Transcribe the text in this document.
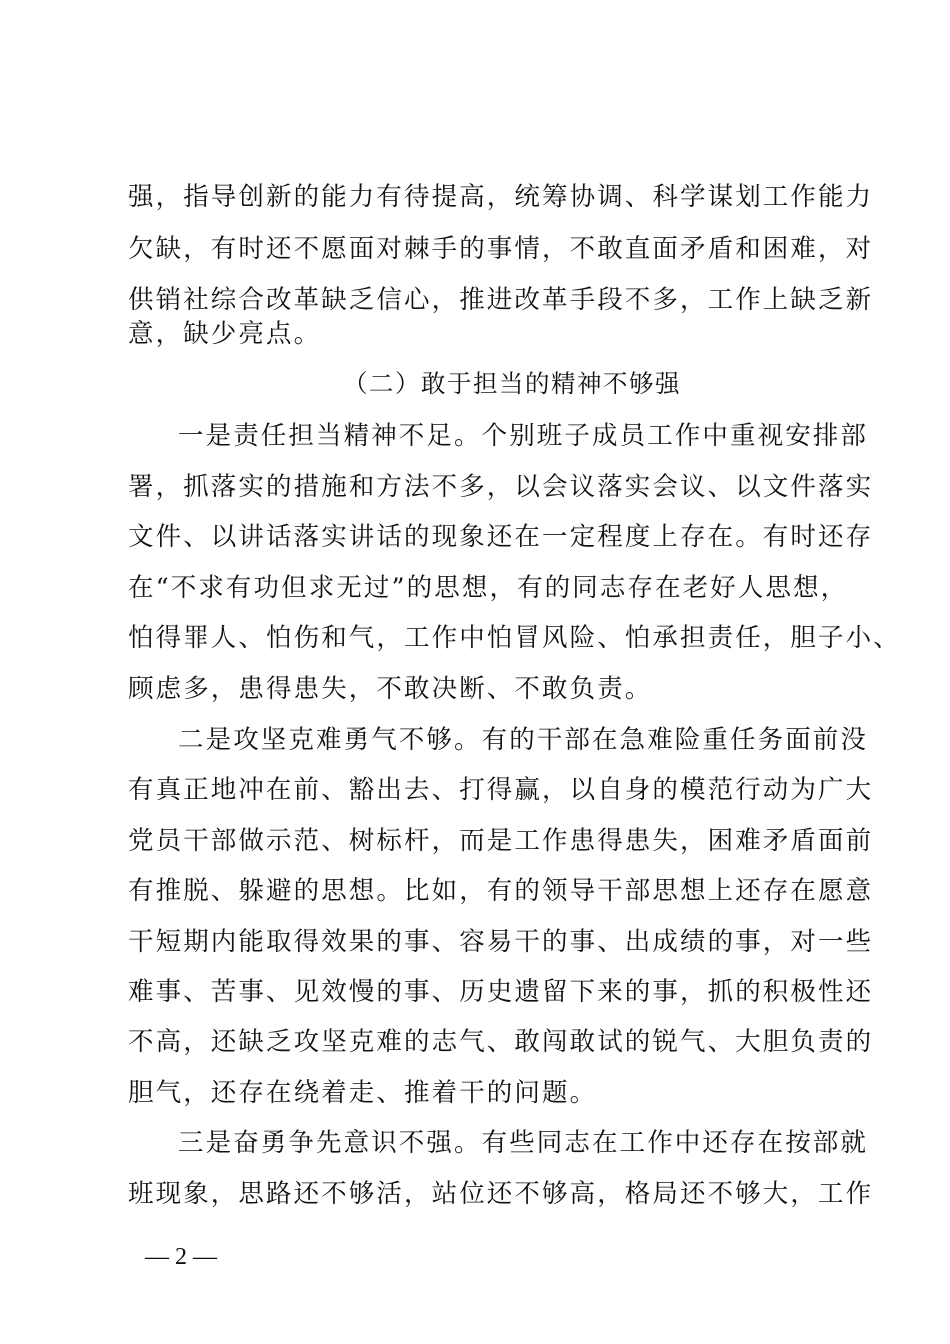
强，指导创新的能力有待提高，统筹协调、科学谋划工作能力
欠缺，有时还不愿面对棘手的事情，不敢直面矛盾和困难，对
供销社综合改革缺乏信心，推进改革手段不多，工作上缺乏新
意，缺少亮点。
（二）敢于担当的精神不够强
一是责任担当精神不足。个别班子成员工作中重视安排部
署，抓落实的措施和方法不多，以会议落实会议、以文件落实
文件、以讲话落实讲话的现象还在一定程度上存在。有时还存
在“不求有功但求无过”的思想，有的同志存在老好人思想，
怕得罪人、怕伤和气，工作中怕冒风险、怕承担责任，胆子小、
顾虑多，患得患失，不敢决断、不敢负责。
二是攻坚克难勇气不够。有的干部在急难险重任务面前没
有真正地冲在前、豁出去、打得赢，以自身的模范行动为广大
党员干部做示范、树标杆，而是工作患得患失，困难矛盾面前
有推脱、躲避的思想。比如，有的领导干部思想上还存在愿意
干短期内能取得效果的事、容易干的事、出成绩的事，对一些
难事、苦事、见效慢的事、历史遗留下来的事，抓的积极性还
不高，还缺乏攻坚克难的志气、敢闯敢试的锐气、大胆负责的
胆气，还存在绕着走、推着干的问题。
三是奋勇争先意识不强。有些同志在工作中还存在按部就
班现象，思路还不够活，站位还不够高，格局还不够大，工作
— 2 —
